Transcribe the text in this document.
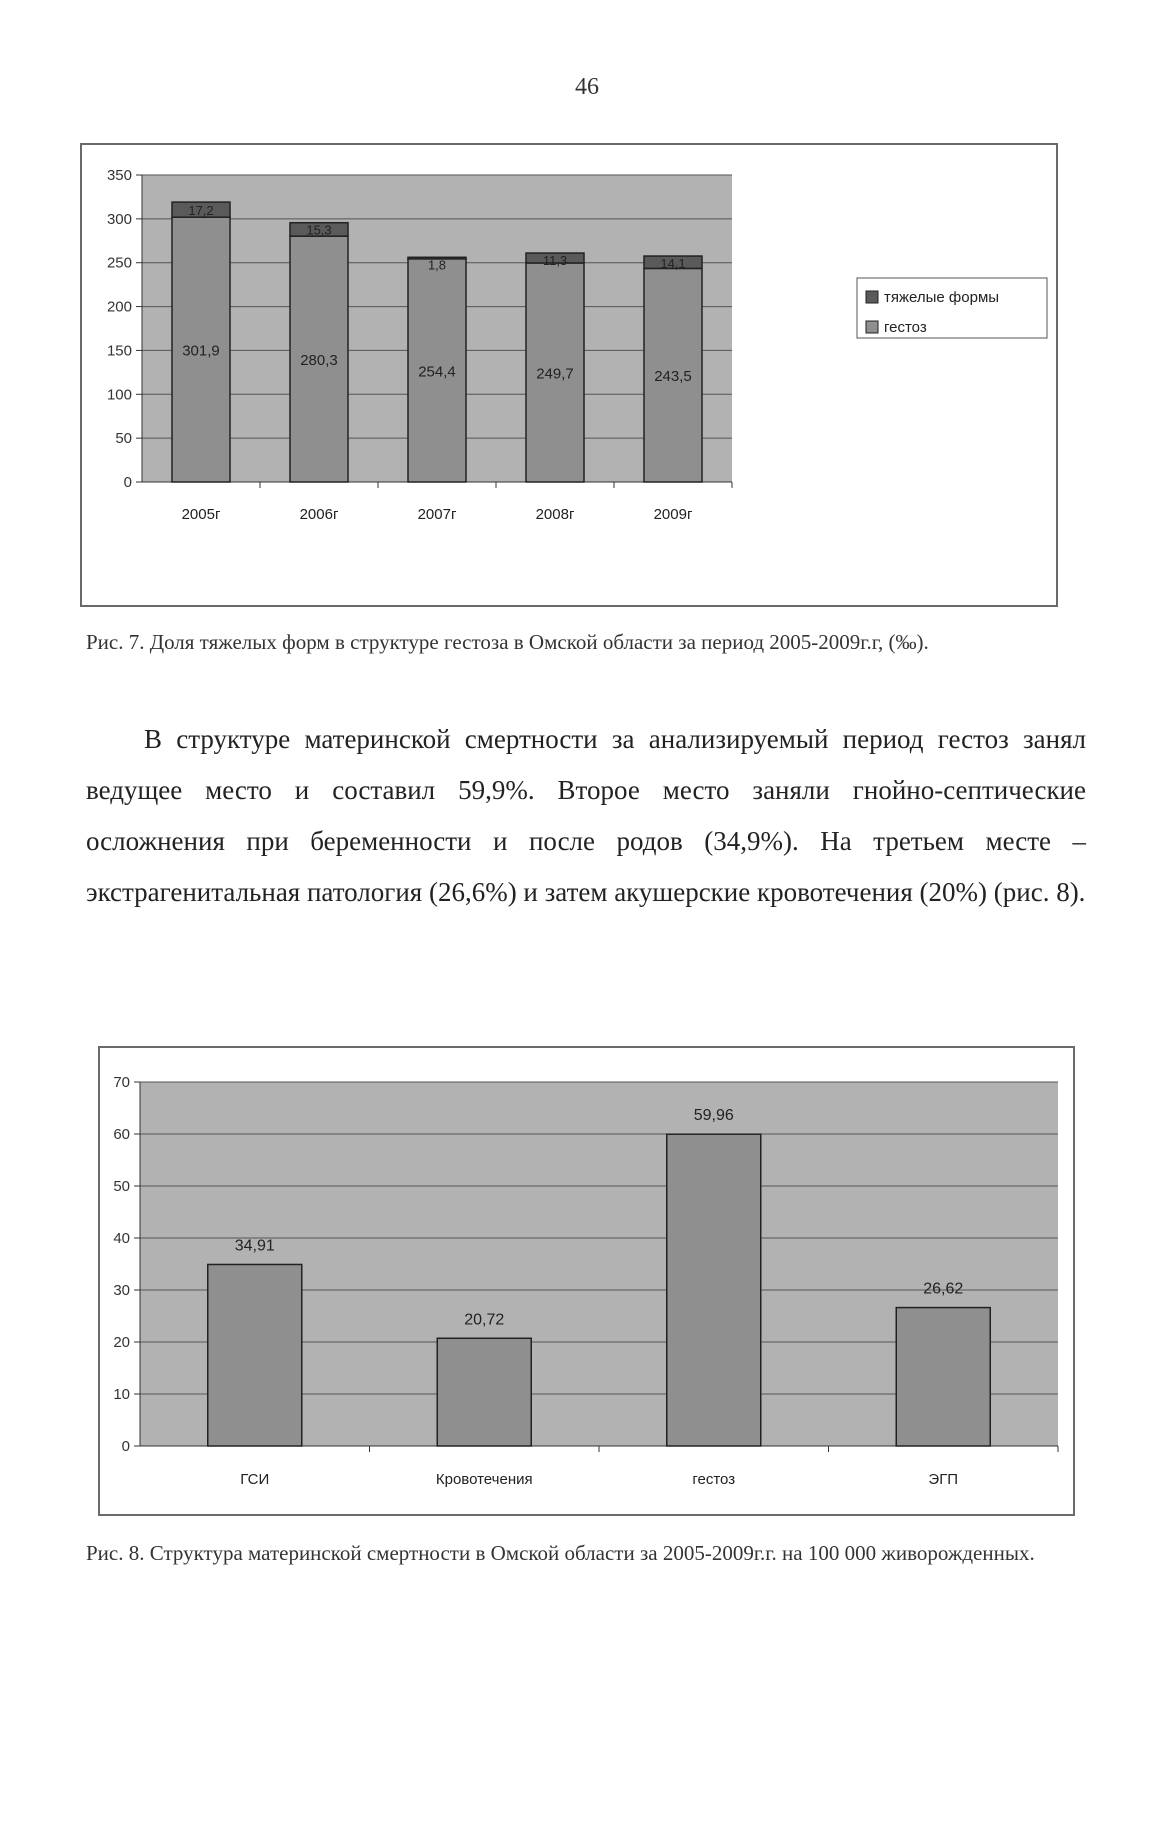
46
0
50
100
150
200
250
300
350
301,9
17,2
2005г
280,3
15,3
2006г
254,4
1,8
2007г
249,7
11,3
2008г
243,5
14,1
2009г
тяжелые формы
гестоз

Рис. 7. Доля тяжелых форм в структуре гестоза в Омской области за период 2005-2009г.г, (‰).

В структуре материнской смертности за анализируемый период гестоз занял ведущее место и составил 59,9%. Второе место заняли гнойно-септические осложнения при беременности и после родов (34,9%). На третьем месте – экстрагенитальная патология (26,6%) и затем акушерские кровотечения (20%) (рис. 8).

0
10
20
30
40
50
60
70
34,91
ГСИ
20,72
Кровотечения
59,96
гестоз
26,62
ЭГП

Рис. 8. Структура материнской смертности в Омской области за 2005-2009г.г. на 100 000 живорожденных.
